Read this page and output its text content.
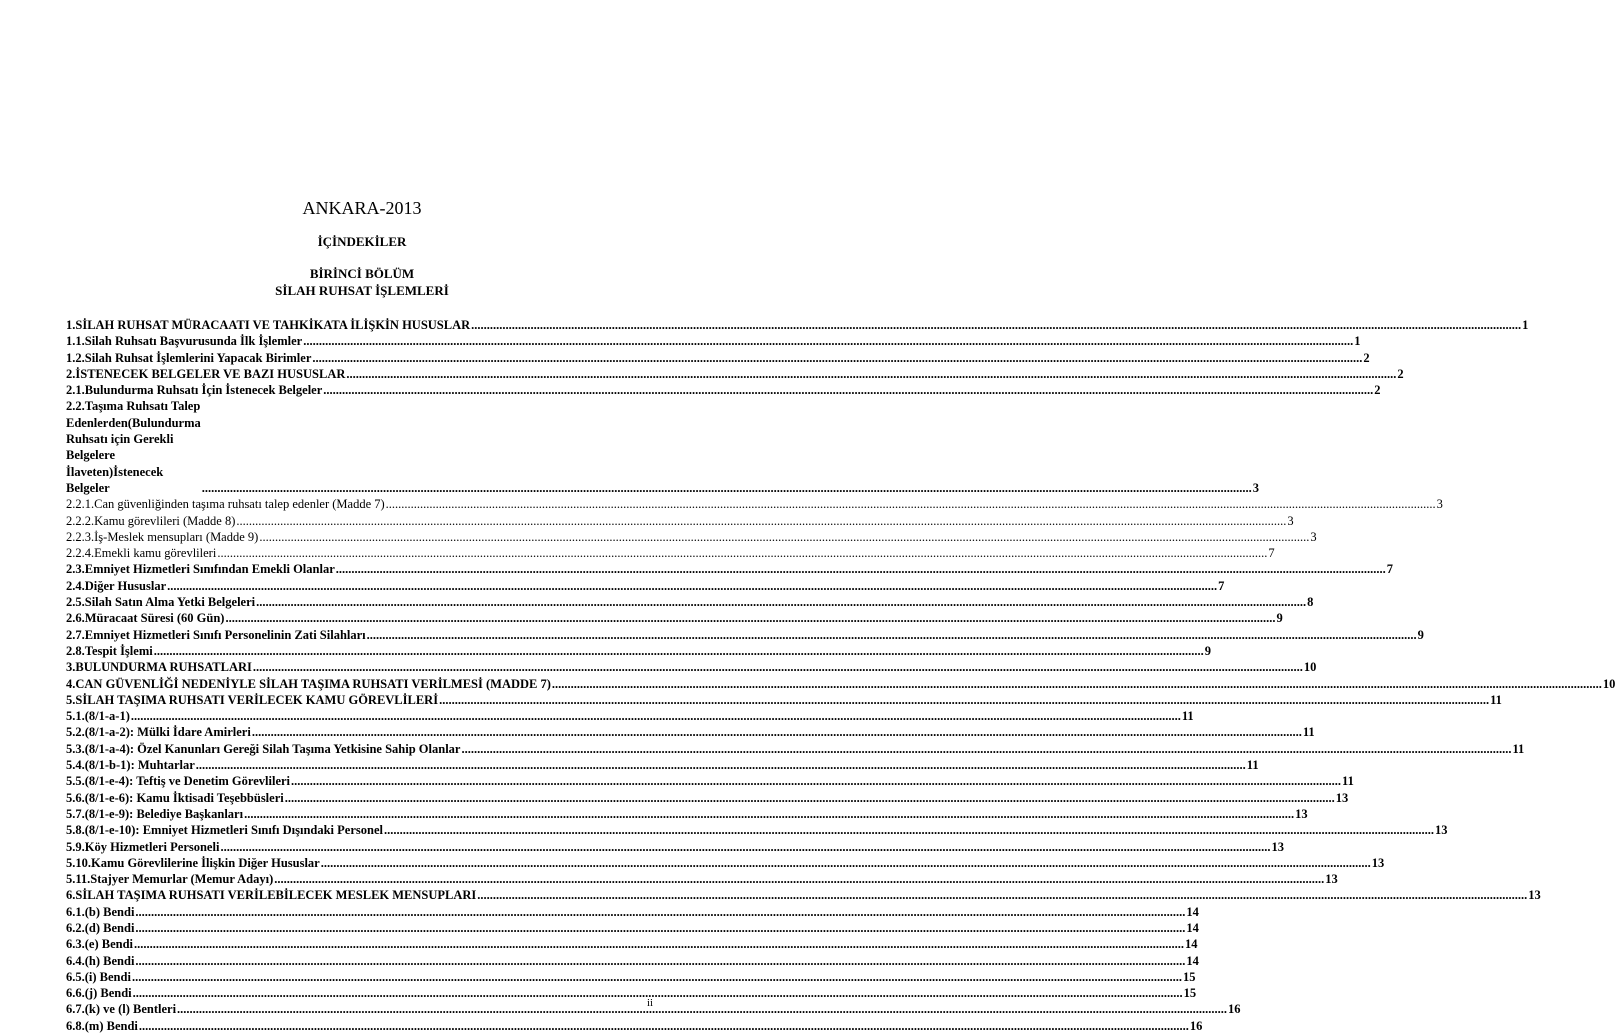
ANKARA-2013
İÇİNDEKİLER
BİRİNCİ BÖLÜM
SİLAH RUHSAT İŞLEMLERİ
1.SİLAH RUHSAT MÜRACAATI VE TAHKİKATA İLİŞKİN HUSUSLAR .....	1
1.1.Silah Ruhsatı Başvurusunda İlk İşlemler .....	1
1.2.Silah Ruhsat İşlemlerini Yapacak Birimler .....	2
2.İSTENECEK BELGELER VE BAZI HUSUSLAR .....	2
2.1.Bulundurma Ruhsatı İçin İstenecek Belgeler .....	2
2.2.Taşıma Ruhsatı Talep Edenlerden(Bulundurma Ruhsatı için Gerekli Belgelere İlaveten)İstenecek Belgeler .....	3
2.2.1.Can güvenliğinden taşıma ruhsatı talep edenler (Madde 7) .....	3
2.2.2.Kamu görevlileri (Madde 8) .....	3
2.2.3.İş-Meslek mensupları (Madde 9) .....	3
2.2.4.Emekli kamu görevlileri .....	7
2.3.Emniyet Hizmetleri Sınıfından Emekli Olanlar .....	7
2.4.Diğer Hususlar .....	7
2.5.Silah Satın Alma Yetki Belgeleri .....	8
2.6.Müracaat Süresi (60 Gün) .....	9
2.7.Emniyet Hizmetleri Sınıfı Personelinin Zati Silahları .....	9
2.8.Tespit İşlemi .....	9
3.BULUNDURMA RUHSATLARI .....	10
4.CAN GÜVENLİĞİ NEDENİYLE SİLAH TAŞIMA RUHSATI VERİLMESİ (MADDE 7) .....	10
5.SİLAH TAŞIMA RUHSATI VERİLECEK KAMU GÖREVLİLERİ .....	11
5.1.(8/1-a-1) .....	11
5.2.(8/1-a-2): Mülki İdare Amirleri .....	11
5.3.(8/1-a-4): Özel Kanunları Gereği Silah Taşıma Yetkisine Sahip Olanlar .....	11
5.4.(8/1-b-1): Muhtarlar .....	11
5.5.(8/1-e-4): Teftiş ve Denetim Görevlileri .....	11
5.6.(8/1-e-6): Kamu İktisadi Teşebbüsleri .....	13
5.7.(8/1-e-9): Belediye Başkanları .....	13
5.8.(8/1-e-10): Emniyet Hizmetleri Sınıfı Dışındaki Personel .....	13
5.9.Köy Hizmetleri Personeli .....	13
5.10.Kamu Görevlilerine İlişkin Diğer Hususlar .....	13
5.11.Stajyer Memurlar (Memur Adayı) .....	13
6.SİLAH TAŞIMA RUHSATI VERİLEBİLECEK MESLEK MENSUPLARI .....	13
6.1.(b) Bendi .....	14
6.2.(d) Bendi .....	14
6.3.(e) Bendi .....	14
6.4.(h) Bendi .....	14
6.5.(i) Bendi .....	15
6.6.(j) Bendi .....	15
6.7.(k) ve (l) Bentleri .....	16
6.8.(m) Bendi .....	16
ii
